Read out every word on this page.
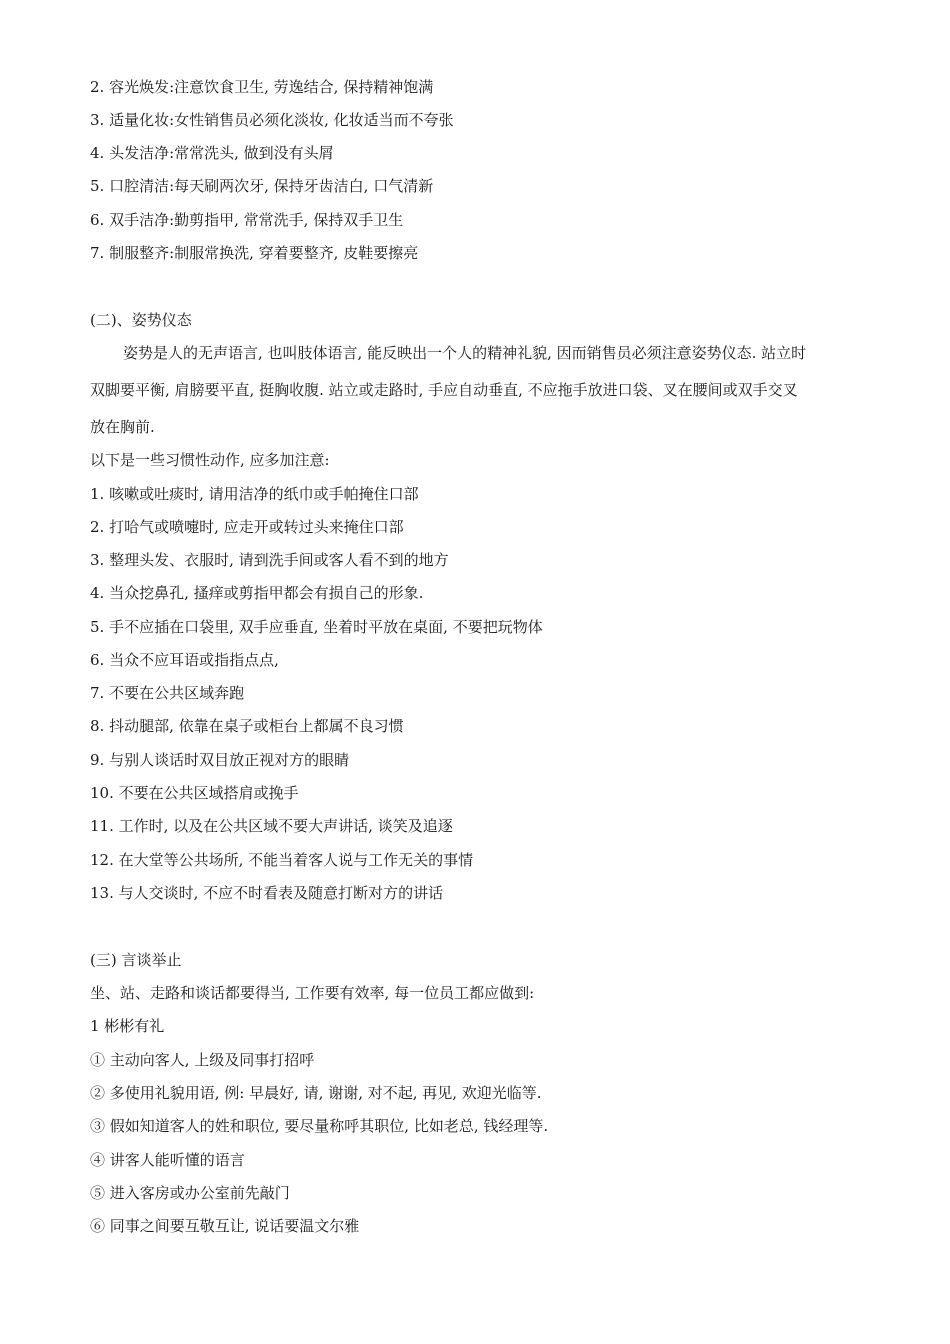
2. 容光焕发:注意饮食卫生, 劳逸结合, 保持精神饱满
3. 适量化妆:女性销售员必须化淡妆, 化妆适当而不夸张
4. 头发洁净:常常洗头, 做到没有头屑
5. 口腔清洁:每天刷两次牙, 保持牙齿洁白, 口气清新
6. 双手洁净:勤剪指甲, 常常洗手, 保持双手卫生
7. 制服整齐:制服常换洗, 穿着要整齐, 皮鞋要擦亮
(二)、姿势仪态
姿势是人的无声语言, 也叫肢体语言, 能反映出一个人的精神礼貌, 因而销售员必须注意姿势仪态. 站立时
双脚要平衡, 肩膀要平直, 挺胸收腹. 站立或走路时, 手应自动垂直, 不应拖手放进口袋、叉在腰间或双手交叉
放在胸前.
以下是一些习惯性动作, 应多加注意:
1. 咳嗽或吐痰时, 请用洁净的纸巾或手帕掩住口部
2. 打哈气或喷嚏时, 应走开或转过头来掩住口部
3. 整理头发、衣服时, 请到洗手间或客人看不到的地方
4. 当众挖鼻孔, 搔痒或剪指甲都会有损自己的形象.
5. 手不应插在口袋里, 双手应垂直, 坐着时平放在桌面, 不要把玩物体
6. 当众不应耳语或指指点点,
7. 不要在公共区域奔跑
8. 抖动腿部, 依靠在桌子或柜台上都属不良习惯
9. 与别人谈话时双目放正视对方的眼睛
10. 不要在公共区域搭肩或挽手
11. 工作时, 以及在公共区域不要大声讲话, 谈笑及追逐
12. 在大堂等公共场所, 不能当着客人说与工作无关的事情
13. 与人交谈时, 不应不时看表及随意打断对方的讲话
(三) 言谈举止
坐、站、走路和谈话都要得当, 工作要有效率, 每一位员工都应做到:
1 彬彬有礼
① 主动向客人, 上级及同事打招呼
② 多使用礼貌用语, 例: 早晨好, 请, 谢谢, 对不起, 再见, 欢迎光临等.
③ 假如知道客人的姓和职位, 要尽量称呼其职位, 比如老总, 钱经理等.
④ 讲客人能听懂的语言
⑤ 进入客房或办公室前先敲门
⑥ 同事之间要互敬互让, 说话要温文尔雅
